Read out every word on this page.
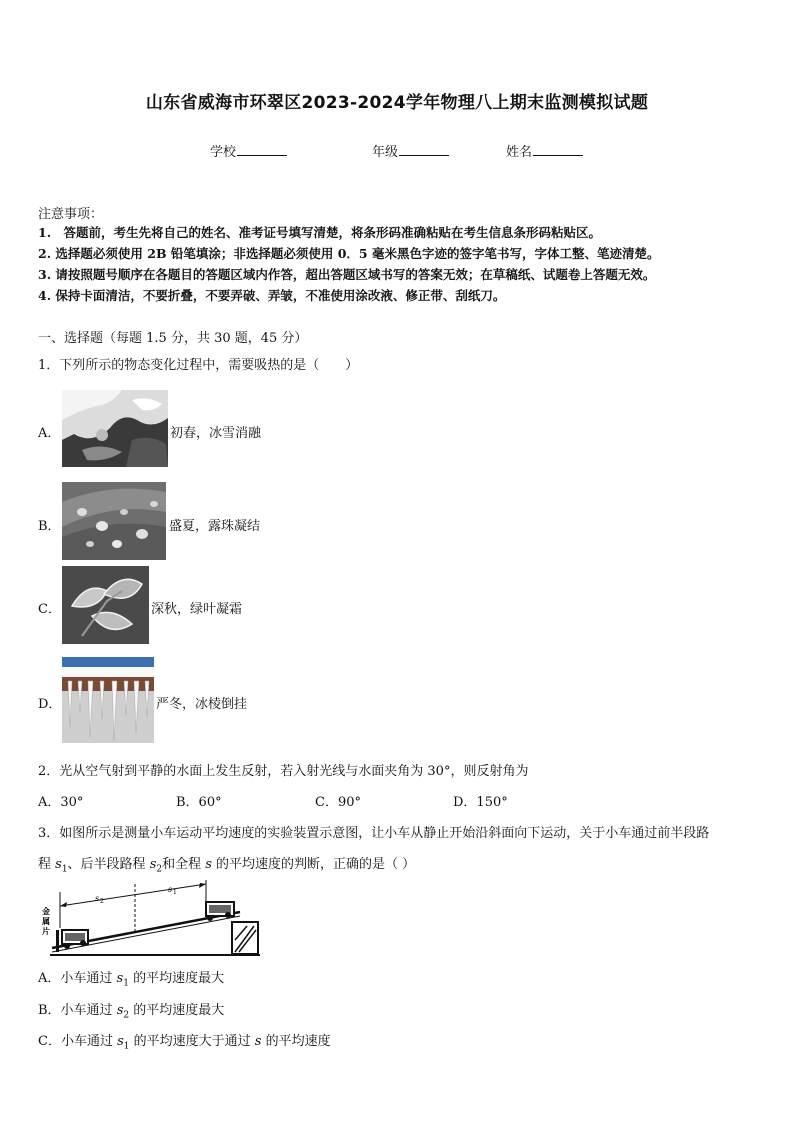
山东省威海市环翠区2023-2024学年物理八上期末监测模拟试题
学校	年级	姓名
注意事项：
1.　答题前，考生先将自己的姓名、准考证号填写清楚，将条形码准确粘贴在考生信息条形码粘贴区。
2. 选择题必须使用 2B 铅笔填涂；非选择题必须使用 0．5 毫米黑色字迹的签字笔书写，字体工整、笔迹清楚。
3. 请按照题号顺序在各题目的答题区域内作答，超出答题区域书写的答案无效；在草稿纸、试题卷上答题无效。
4. 保持卡面清洁，不要折叠，不要弄破、弄皱，不准使用涂改液、修正带、刮纸刀。
一、选择题（每题 1.5 分，共 30 题，45 分）
1．下列所示的物态变化过程中，需要吸热的是（　　）
A．	初春，冰雪消融
B．	盛夏，露珠凝结
C．	深秋，绿叶凝霜
D．	严冬，冰棱倒挂
2．光从空气射到平静的水面上发生反射，若入射光线与水面夹角为 30°，则反射角为
A．30°	B．60°	C．90°	D．150°
3．如图所示是测量小车运动平均速度的实验装置示意图，让小车从静止开始沿斜面向下运动，关于小车通过前半段路
程 $s_1$、后半段路程 $s_2$和全程 s 的平均速度的判断，正确的是（ ）
金
属
片
s 2
s 1
A．小车通过 $s_1$ 的平均速度最大
B．小车通过 $s_2$ 的平均速度最大
C．小车通过 $s_1$ 的平均速度大于通过 s 的平均速度
